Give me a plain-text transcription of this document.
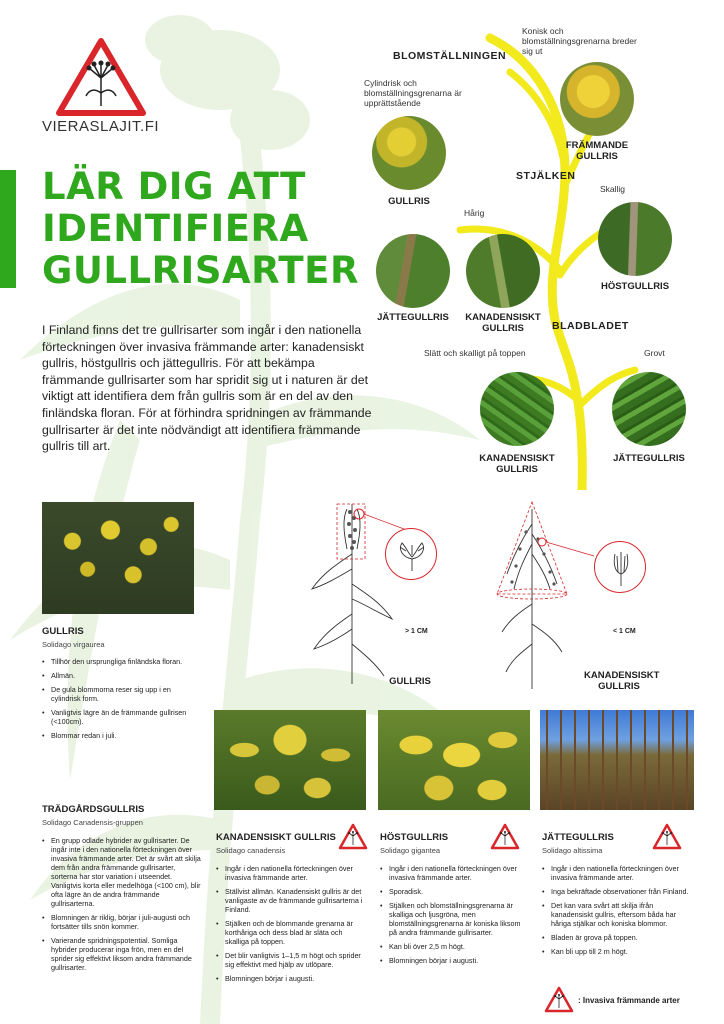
VIERASLAJIT.FI
LÄR DIG ATT
IDENTIFIERA
GULLRISARTER
I Finland finns det tre gullrisarter som ingår i den nationella förteckningen över invasiva främmande arter: kanadensiskt gullris, höstgullris och jättegullris. För att bekämpa främmande gullrisarter som har spridit sig ut i naturen är det viktigt att identifiera dem från gullris som är en del av den finländska floran. För at förhindra spridningen av främmande gullrisarter är det inte nödvändigt att identifiera främmande gullris till art.
BLOMSTÄLLNINGEN
Konisk och blomställningsgrenarna breder sig ut
Cylindrisk och blomställningsgrenarna är upprättstående
GULLRIS
FRÄMMANDE GULLRIS
STJÄLKEN
Hårig
Skallig
JÄTTEGULLRIS	KANADENSISKT GULLRIS
HÖSTGULLRIS
BLADBLADET
Slätt och skalligt på toppen	Grovt
KANADENSISKT GULLRIS
JÄTTEGULLRIS
> 1 CM
GULLRIS
< 1 CM
KANADENSISKT GULLRIS
GULLRIS
Solidago virgaurea
• Tillhör den ursprungliga finländska floran.
• Allmän.
• De gula blommorna reser sig upp i en cylindrisk form.
• Vanligtvis lägre än de främmande gullrisen (<100cm).
• Blommar redan i juli.
TRÄDGÅRDSGULLRIS
Solidago Canadensis-gruppen
• En grupp odlade hybrider av gullrisarter. De ingår inte i den nationella förteckningen över invasiva främmande arter. Det är svårt att skilja dem från andra främmande gullrisarter, sorterna har stor variation i utseendet. Vanligtvis korta eller medelhöga (<100 cm), blir ofta lägre än de andra främmande gullrisarterna.
• Blomningen är riklig, börjar i juli-augusti och fortsätter tills snön kommer.
• Varierande spridningspotential. Somliga hybrider producerar inga frön, men en del sprider sig effektivt liksom andra främmande gullrisarter.
KANADENSISKT GULLRIS
Solidago canadensis
• Ingår i den nationella förteckningen över invasiva främmande arter.
• Ställvist allmän. Kanadensiskt gullris är det vanligaste av de främmande gullrisarterna i Finland.
• Stjälken och de blommande grenarna är korthåriga och dess blad är släta och skalliga på toppen.
• Det blir vanligtvis 1–1,5 m högt och sprider sig effektivt med hjälp av utlöpare.
• Blomningen börjar i augusti.
HÖSTGULLRIS
Solidago gigantea
• Ingår i den nationella förteckningen över invasiva främmande arter.
• Sporadisk.
• Stjälken och blomställningsgrenarna är skalliga och ljusgröna, men blomställningsgrenarna är koniska liksom på andra främmande gullrisarter.
• Kan bli över 2,5 m högt.
• Blomningen börjar i augusti.
JÄTTEGULLRIS
Solidago altissima
• Ingår i den nationella förteckningen över invasiva främmande arter.
• Inga bekräftade observationer från Finland.
• Det kan vara svårt att skilja ifrån kanadensiskt gullris, eftersom båda har håriga stjälkar och koniska blommor.
• Bladen är grova på toppen.
• Kan bli upp till 2 m högt.
: Invasiva främmande arter
